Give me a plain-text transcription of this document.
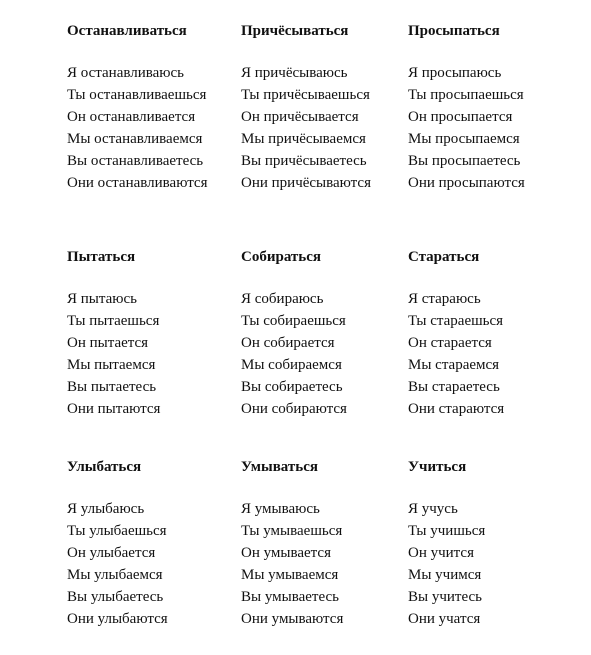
Останавливаться
Я останавливаюсь
Ты останавливаешься
Он останавливается
Мы останавливаемся
Вы останавливаетесь
Они останавливаются
Причёсываться
Я причёсываюсь
Ты причёсываешься
Он причёсывается
Мы причёсываемся
Вы причёсываетесь
Они причёсываются
Просыпаться
Я просыпаюсь
Ты просыпаешься
Он просыпается
Мы просыпаемся
Вы просыпаетесь
Они просыпаются
Пытаться
Я пытаюсь
Ты пытаешься
Он пытается
Мы пытаемся
Вы пытаетесь
Они пытаются
Собираться
Я собираюсь
Ты собираешься
Он собирается
Мы собираемся
Вы собираетесь
Они собираются
Стараться
Я стараюсь
Ты стараешься
Он старается
Мы стараемся
Вы стараетесь
Они стараются
Улыбаться
Я улыбаюсь
Ты улыбаешься
Он улыбается
Мы улыбаемся
Вы улыбаетесь
Они улыбаются
Умываться
Я умываюсь
Ты умываешься
Он умывается
Мы умываемся
Вы умываетесь
Они умываются
Учиться
Я учусь
Ты учишься
Он учится
Мы учимся
Вы учитесь
Они учатся
